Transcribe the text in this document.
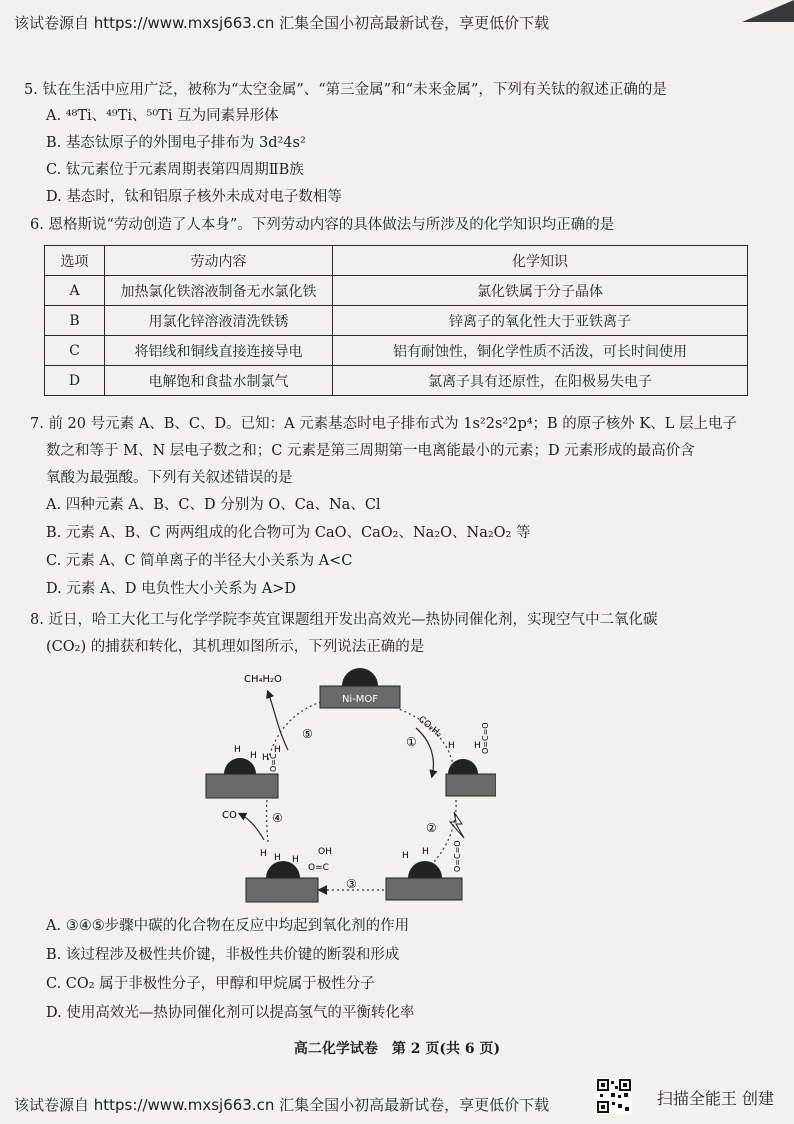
该试卷源自 https://www.mxsj663.cn 汇集全国小初高最新试卷，享更低价下载
5. 钛在生活中应用广泛，被称为“太空金属”、“第三金属”和“未来金属”，下列有关钛的叙述正确的是
A. ⁴⁸Ti、⁴⁹Ti、⁵⁰Ti 互为同素异形体
B. 基态钛原子的外围电子排布为 3d²4s²
C. 钛元素位于元素周期表第四周期ⅡB族
D. 基态时，钛和铝原子核外未成对电子数相等
6. 恩格斯说“劳动创造了人本身”。下列劳动内容的具体做法与所涉及的化学知识均正确的是
选项	劳动内容	化学知识
A	加热氯化铁溶液制备无水氯化铁	氯化铁属于分子晶体
B	用氯化锌溶液清洗铁锈	锌离子的氧化性大于亚铁离子
C	将铝线和铜线直接连接导电	铝有耐蚀性，铜化学性质不活泼，可长时间使用
D	电解饱和食盐水制氯气	氯离子具有还原性，在阳极易失电子
7. 前 20 号元素 A、B、C、D。已知：A 元素基态时电子排布式为 1s²2s²2p⁴；B 的原子核外 K、L 层上电子
数之和等于 M、N 层电子数之和；C 元素是第三周期第一电离能最小的元素；D 元素形成的最高价含
氧酸为最强酸。下列有关叙述错误的是
A. 四种元素 A、B、C、D 分别为 O、Ca、Na、Cl
B. 元素 A、B、C 两两组成的化合物可为 CaO、CaO₂、Na₂O、Na₂O₂ 等
C. 元素 A、C 简单离子的半径大小关系为 A<C
D. 元素 A、D 电负性大小关系为 A>D
8. 近日，哈工大化工与化学学院李英宜课题组开发出高效光—热协同催化剂，实现空气中二氧化碳
(CO₂) 的捕获和转化，其机理如图所示，下列说法正确的是
Ni-MOF
CH₄H₂O
⑤	CO₂H₂
①	H H O=C=O
②
H H	O=C=O
③
H H H
O=C
OH
CO	④
H
H H
H
O=C
A. ③④⑤步骤中碳的化合物在反应中均起到氧化剂的作用
B. 该过程涉及极性共价键，非极性共价键的断裂和形成
C. CO₂ 属于非极性分子，甲醇和甲烷属于极性分子
D. 使用高效光—热协同催化剂可以提高氢气的平衡转化率
高二化学试卷　第 2 页(共 6 页)
该试卷源自 https://www.mxsj663.cn 汇集全国小初高最新试卷，享更低价下载	扫描全能王 创建
